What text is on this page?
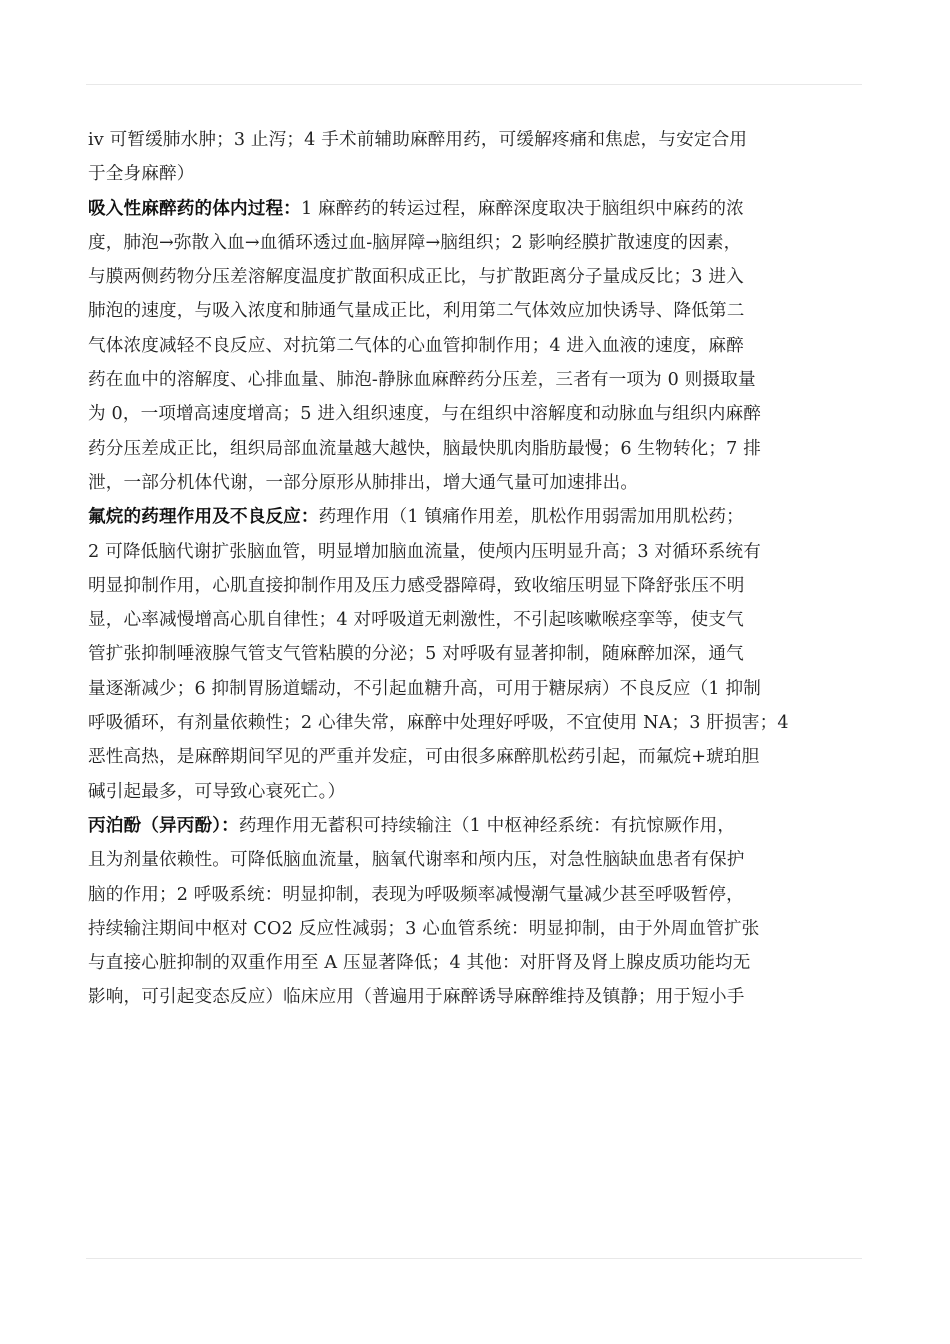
iv 可暂缓肺水肿；3 止泻；4 手术前辅助麻醉用药，可缓解疼痛和焦虑，与安定合用
于全身麻醉）
吸入性麻醉药的体内过程：1 麻醉药的转运过程，麻醉深度取决于脑组织中麻药的浓
度，肺泡→弥散入血→血循环透过血-脑屏障→脑组织；2 影响经膜扩散速度的因素，
与膜两侧药物分压差溶解度温度扩散面积成正比，与扩散距离分子量成反比；3 进入
肺泡的速度，与吸入浓度和肺通气量成正比，利用第二气体效应加快诱导、降低第二
气体浓度减轻不良反应、对抗第二气体的心血管抑制作用；4 进入血液的速度，麻醉
药在血中的溶解度、心排血量、肺泡-静脉血麻醉药分压差，三者有一项为 0 则摄取量
为 0，一项增高速度增高；5 进入组织速度，与在组织中溶解度和动脉血与组织内麻醉
药分压差成正比，组织局部血流量越大越快，脑最快肌肉脂肪最慢；6 生物转化；7 排
泄，一部分机体代谢，一部分原形从肺排出，增大通气量可加速排出。
氟烷的药理作用及不良反应：药理作用（1 镇痛作用差，肌松作用弱需加用肌松药；
2 可降低脑代谢扩张脑血管，明显增加脑血流量，使颅内压明显升高；3 对循环系统有
明显抑制作用，心肌直接抑制作用及压力感受器障碍，致收缩压明显下降舒张压不明
显，心率减慢增高心肌自律性；4 对呼吸道无刺激性，不引起咳嗽喉痉挛等，使支气
管扩张抑制唾液腺气管支气管粘膜的分泌；5 对呼吸有显著抑制，随麻醉加深，通气
量逐渐减少；6 抑制胃肠道蠕动，不引起血糖升高，可用于糖尿病）不良反应（1 抑制
呼吸循环，有剂量依赖性；2 心律失常，麻醉中处理好呼吸，不宜使用 NA；3 肝损害；4
恶性高热，是麻醉期间罕见的严重并发症，可由很多麻醉肌松药引起，而氟烷+琥珀胆
碱引起最多，可导致心衰死亡。）
丙泊酚（异丙酚）：药理作用无蓄积可持续输注（1 中枢神经系统：有抗惊厥作用，
且为剂量依赖性。可降低脑血流量，脑氧代谢率和颅内压，对急性脑缺血患者有保护
脑的作用；2 呼吸系统：明显抑制，表现为呼吸频率减慢潮气量减少甚至呼吸暂停，
持续输注期间中枢对 CO2 反应性减弱；3 心血管系统：明显抑制，由于外周血管扩张
与直接心脏抑制的双重作用至 A 压显著降低；4 其他：对肝肾及肾上腺皮质功能均无
影响，可引起变态反应）临床应用（普遍用于麻醉诱导麻醉维持及镇静；用于短小手
